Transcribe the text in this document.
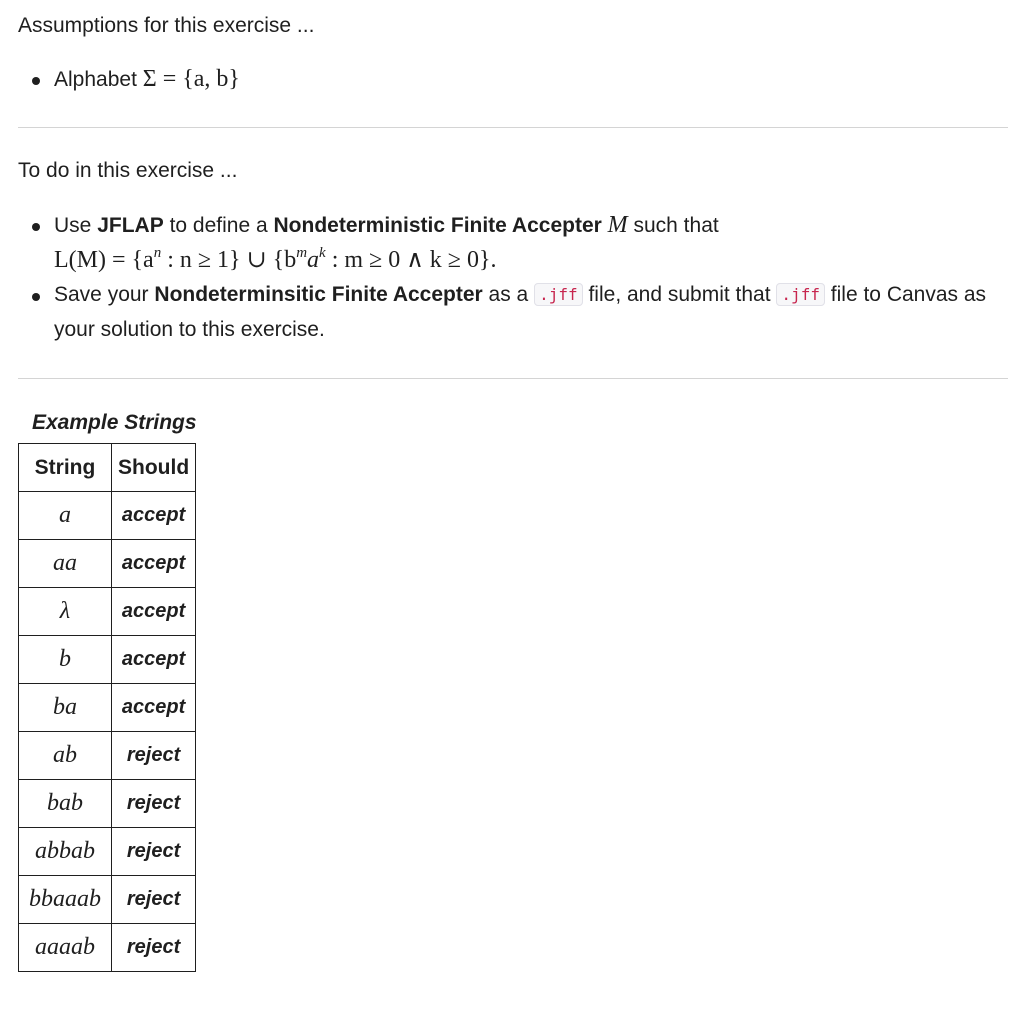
Assumptions for this exercise ...
Alphabet Σ = {a, b}
To do in this exercise ...
Use JFLAP to define a Nondeterministic Finite Accepter M such that
$L(M) = \{a^n$ : n ≥ 1} ∪ {$b^ma^k$ : m ≥ 0 ∧ k ≥ 0}.
Save your Nondeterminsitic Finite Accepter as a .jff file, and submit that .jff file to Canvas as your solution to this exercise.
Example Strings
String	Should
a	accept
aa	accept
λ	accept
b	accept
ba	accept
ab	reject
bab	reject
abbab	reject
bbaaab	reject
aaaab	reject
